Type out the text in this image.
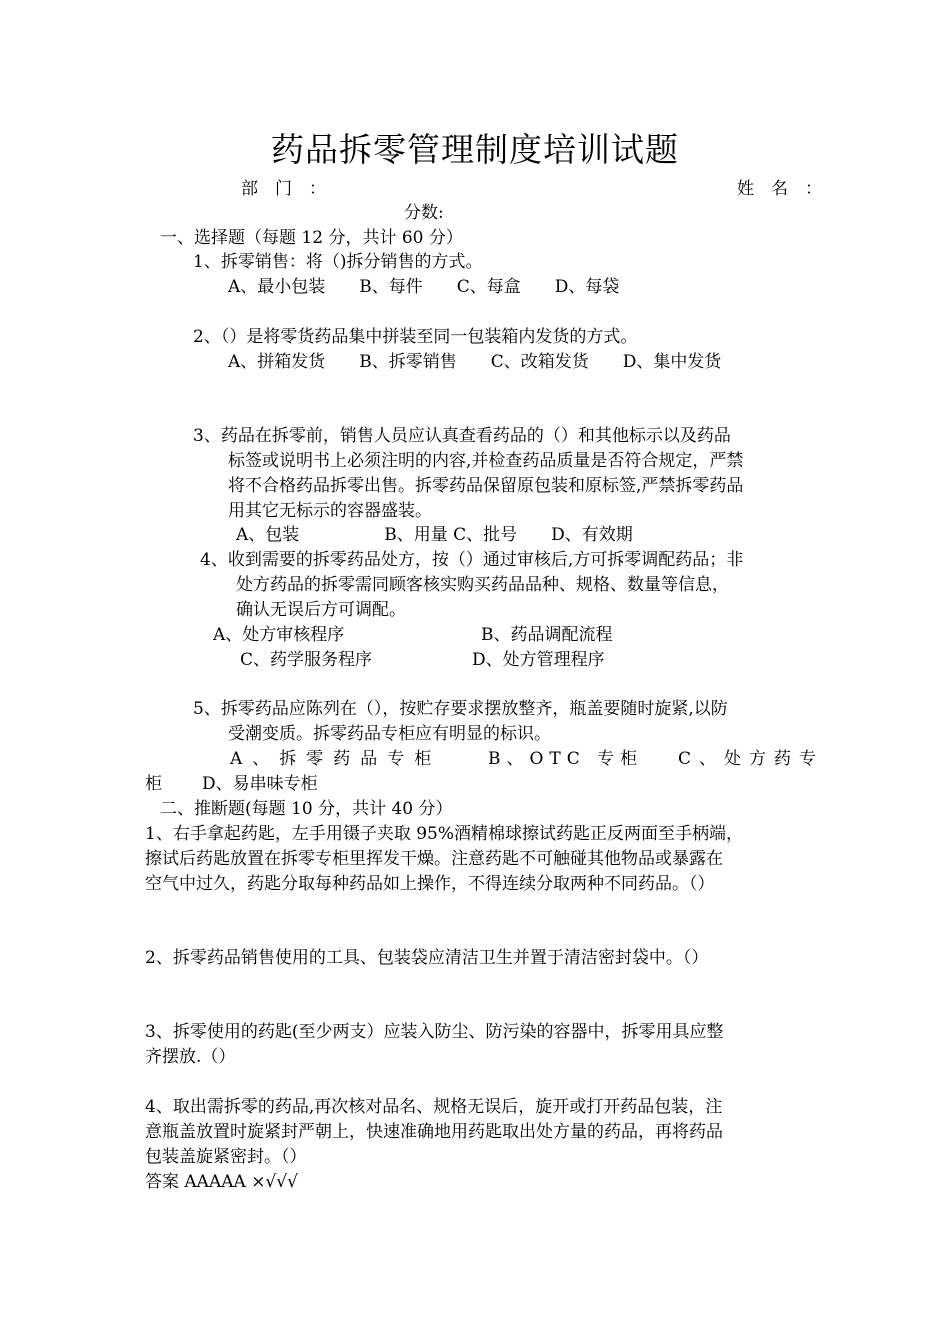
药品拆零管理制度培训试题
部　门　：	姓　名　：
分数:
一、选择题（每题 12 分，共计 60 分）
1、拆零销售：将（)拆分销售的方式。
A、最小包装　　B、每件　　C、每盒　　D、每袋
2、（）是将零货药品集中拼装至同一包装箱内发货的方式。
A、拼箱发货　　B、拆零销售　　C、改箱发货　　D、集中发货
3、药品在拆零前，销售人员应认真查看药品的（）和其他标示以及药品
标签或说明书上必须注明的内容,并检查药品质量是否符合规定，严禁
将不合格药品拆零出售。拆零药品保留原包装和原标签,严禁拆零药品
用其它无标示的容器盛装。
A、包装　　　　　B、用量 C、批号　　D、有效期
4、收到需要的拆零药品处方，按（）通过审核后,方可拆零调配药品；非
处方药品的拆零需同顾客核实购买药品品种、规格、数量等信息，
确认无误后方可调配。
A、处方审核程序	B、药品调配流程
C、药学服务程序	D、处方管理程序
5、拆零药品应陈列在（），按贮存要求摆放整齐，瓶盖要随时旋紧,以防
受潮变质。拆零药品专柜应有明显的标识。
A、拆零药品专柜	B、OTC 专柜 C、处方药专
柜 D、易串味专柜
二、推断题(每题 10 分，共计 40 分）
1、右手拿起药匙，左手用镊子夹取 95%酒精棉球擦试药匙正反两面至手柄端，
擦试后药匙放置在拆零专柜里挥发干燥。注意药匙不可触碰其他物品或暴露在
空气中过久，药匙分取每种药品如上操作，不得连续分取两种不同药品。（）
2、拆零药品销售使用的工具、包装袋应清洁卫生并置于清洁密封袋中。（）
3、拆零使用的药匙(至少两支）应装入防尘、防污染的容器中，拆零用具应整
齐摆放.（）
4、取出需拆零的药品,再次核对品名、规格无误后，旋开或打开药品包装，注
意瓶盖放置时旋紧封严朝上，快速准确地用药匙取出处方量的药品，再将药品
包装盖旋紧密封。（）
答案 AAAAA ×√√√
